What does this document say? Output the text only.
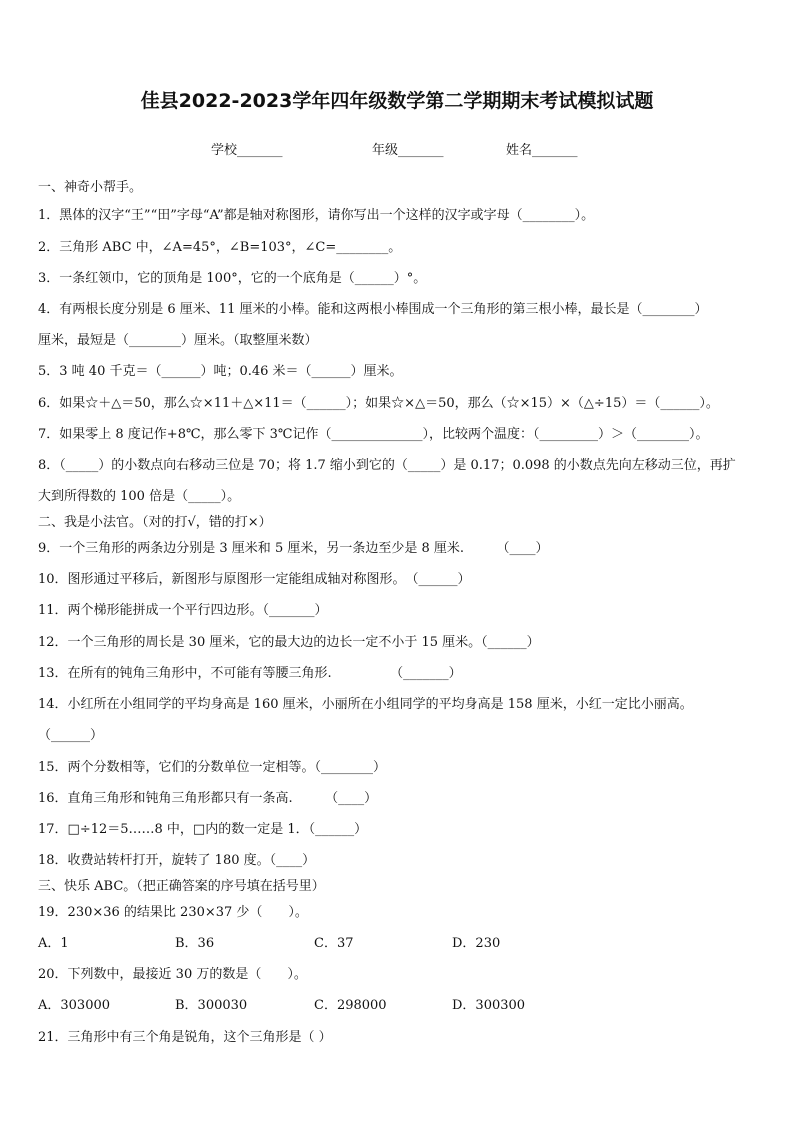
佳县2022-2023学年四年级数学第二学期期末考试模拟试题
学校_______	年级_______	姓名_______
一、神奇小帮手。
1．黑体的汉字“王”“田”字母“A”都是轴对称图形，请你写出一个这样的汉字或字母（________）。
2．三角形 ABC 中，∠A=45°，∠B=103°，∠C=________。
3．一条红领巾，它的顶角是 100°，它的一个底角是（______）°。
4．有两根长度分别是 6 厘米、11 厘米的小棒。能和这两根小棒围成一个三角形的第三根小棒，最长是（________）
厘米，最短是（________）厘米。（取整厘米数）
5．3 吨 40 千克＝（______）吨；0.46 米＝（______）厘米。
6．如果☆＋△＝50，那么☆×11＋△×11＝（______）；如果☆×△＝50，那么（☆×15）×（△÷15）＝（______）。
7．如果零上 8 度记作+8℃，那么零下 3℃记作（______________），比较两个温度：（_________）＞（________）。
8．（_____）的小数点向右移动三位是 70；将 1.7 缩小到它的（_____）是 0.17；0.098 的小数点先向左移动三位，再扩
大到所得数的 100 倍是（_____）。
二、我是小法官。（对的打√，错的打×）
9．一个三角形的两条边分别是 3 厘米和 5 厘米，另一条边至少是 8 厘米.　　　（____）
10．图形通过平移后，新图形与原图形一定能组成轴对称图形。　（______）
11．两个梯形能拼成一个平行四边形。（_______）
12．一个三角形的周长是 30 厘米，它的最大边的边长一定不小于 15 厘米。（______）
13．在所有的钝角三角形中，不可能有等腰三角形.　　　　　（_______）
14．小红所在小组同学的平均身高是 160 厘米，小丽所在小组同学的平均身高是 158 厘米，小红一定比小丽高。
（______）
15．两个分数相等，它们的分数单位一定相等。（________）
16．直角三角形和钝角三角形都只有一条高.　　　（____）
17．□÷12＝5……8 中，□内的数一定是 1．（______）
18．收费站转杆打开，旋转了 180 度。（____）
三、快乐 ABC。（把正确答案的序号填在括号里）
19．230×36 的结果比 230×37 少（　　）。
A．1	B．36	C．37	D．230
20．下列数中，最接近 30 万的数是（　　）。
A．303000	B．300030	C．298000	D．300300
21．三角形中有三个角是锐角，这个三角形是（ ）
